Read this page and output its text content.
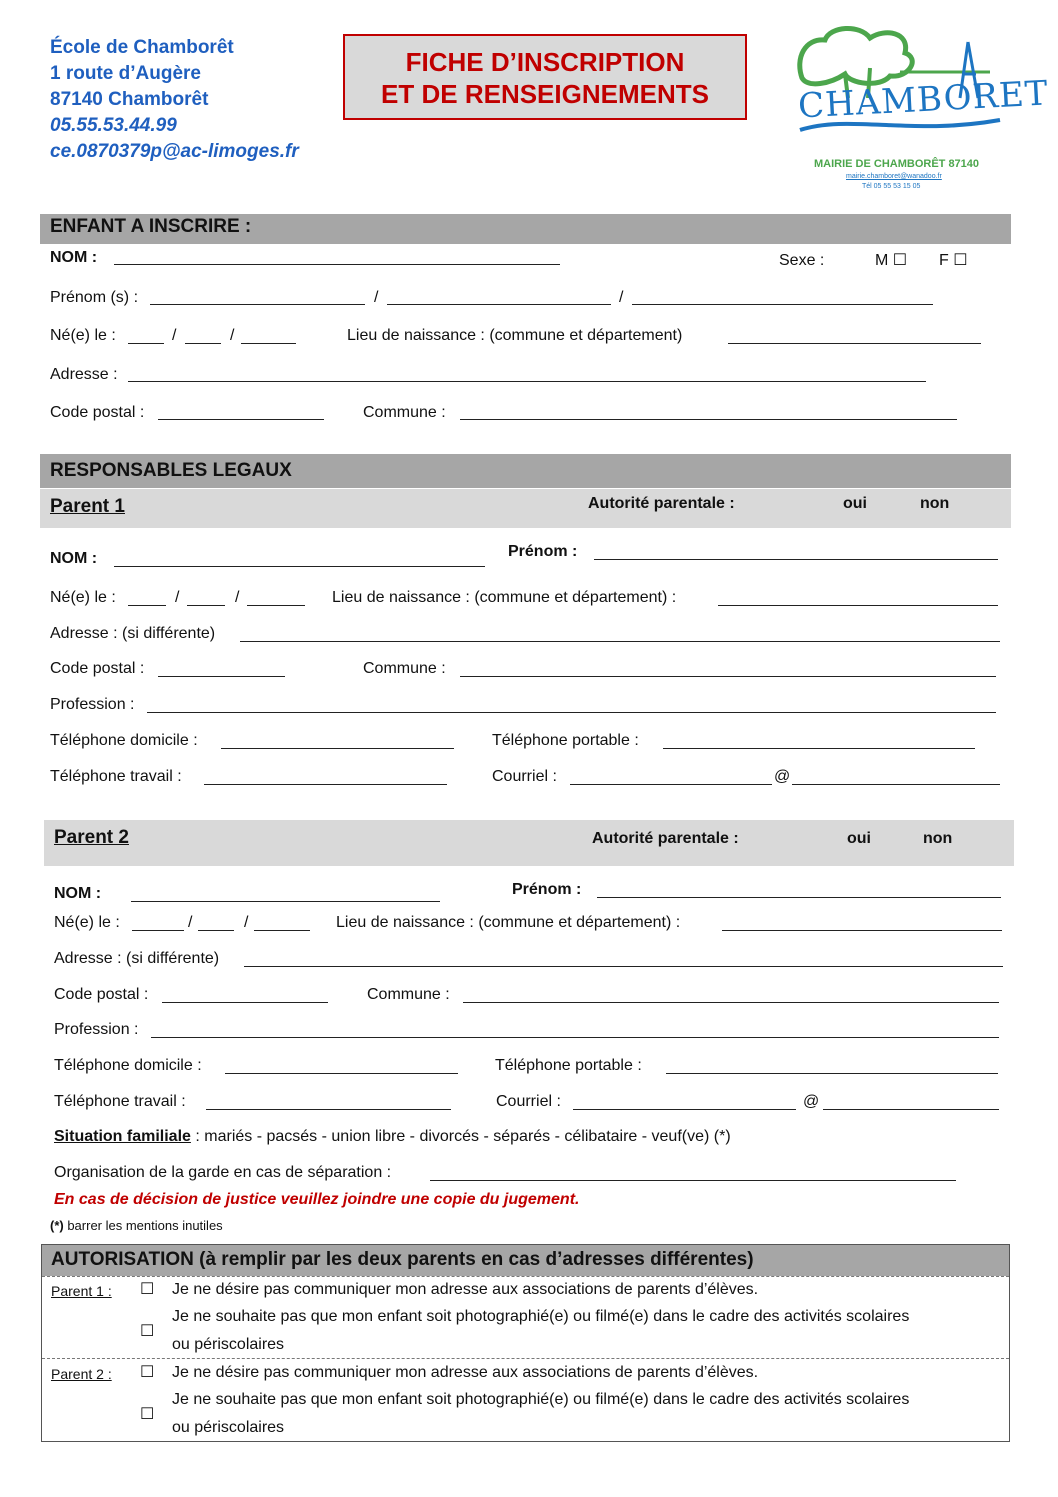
École de Chamborêt
1 route d’Augère
87140 Chamborêt
05.55.53.44.99
ce.0870379p@ac-limoges.fr
FICHE D’INSCRIPTION
ET DE RENSEIGNEMENTS	CHAMBORET
MAIRIE DE CHAMBORÊT 87140
mairie.chamboret@wanadoo.fr
Tél 05 55 53 15 05
ENFANT A INSCRIRE :
NOM :	Sexe :	M ☐ F ☐
Prénom (s) :	/	/
Né(e) le :	/	/	Lieu de naissance : (commune et département)
Adresse :
Code postal :	Commune :
RESPONSABLES LEGAUX
Parent 1	Autorité parentale :	oui	non
NOM :	Prénom :
Né(e) le :	/	/	Lieu de naissance : (commune et département) :
Adresse : (si différente)
Code postal :	Commune :
Profession :
Téléphone domicile :	Téléphone portable :
Téléphone travail :	Courriel :	@
Parent 2	Autorité parentale :	oui	non
NOM :	Prénom :
Né(e) le :	/	/	Lieu de naissance : (commune et département) :
Adresse : (si différente)
Code postal :	Commune :
Profession :
Téléphone domicile :	Téléphone portable :
Téléphone travail :	Courriel :	@
Situation familiale : mariés - pacsés - union libre - divorcés - séparés - célibataire - veuf(ve) (*)
Organisation de la garde en cas de séparation :
En cas de décision de justice veuillez joindre une copie du jugement.
(*) barrer les mentions inutiles
AUTORISATION (à remplir par les deux parents en cas d’adresses différentes)
Parent 1 : ☐ Je ne désire pas communiquer mon adresse aux associations de parents d’élèves.
☐
Je ne souhaite pas que mon enfant soit photographié(e) ou filmé(e) dans le cadre des activités scolaires
ou périscolaires
Parent 2 : ☐ Je ne désire pas communiquer mon adresse aux associations de parents d’élèves.
☐
Je ne souhaite pas que mon enfant soit photographié(e) ou filmé(e) dans le cadre des activités scolaires
ou périscolaires
